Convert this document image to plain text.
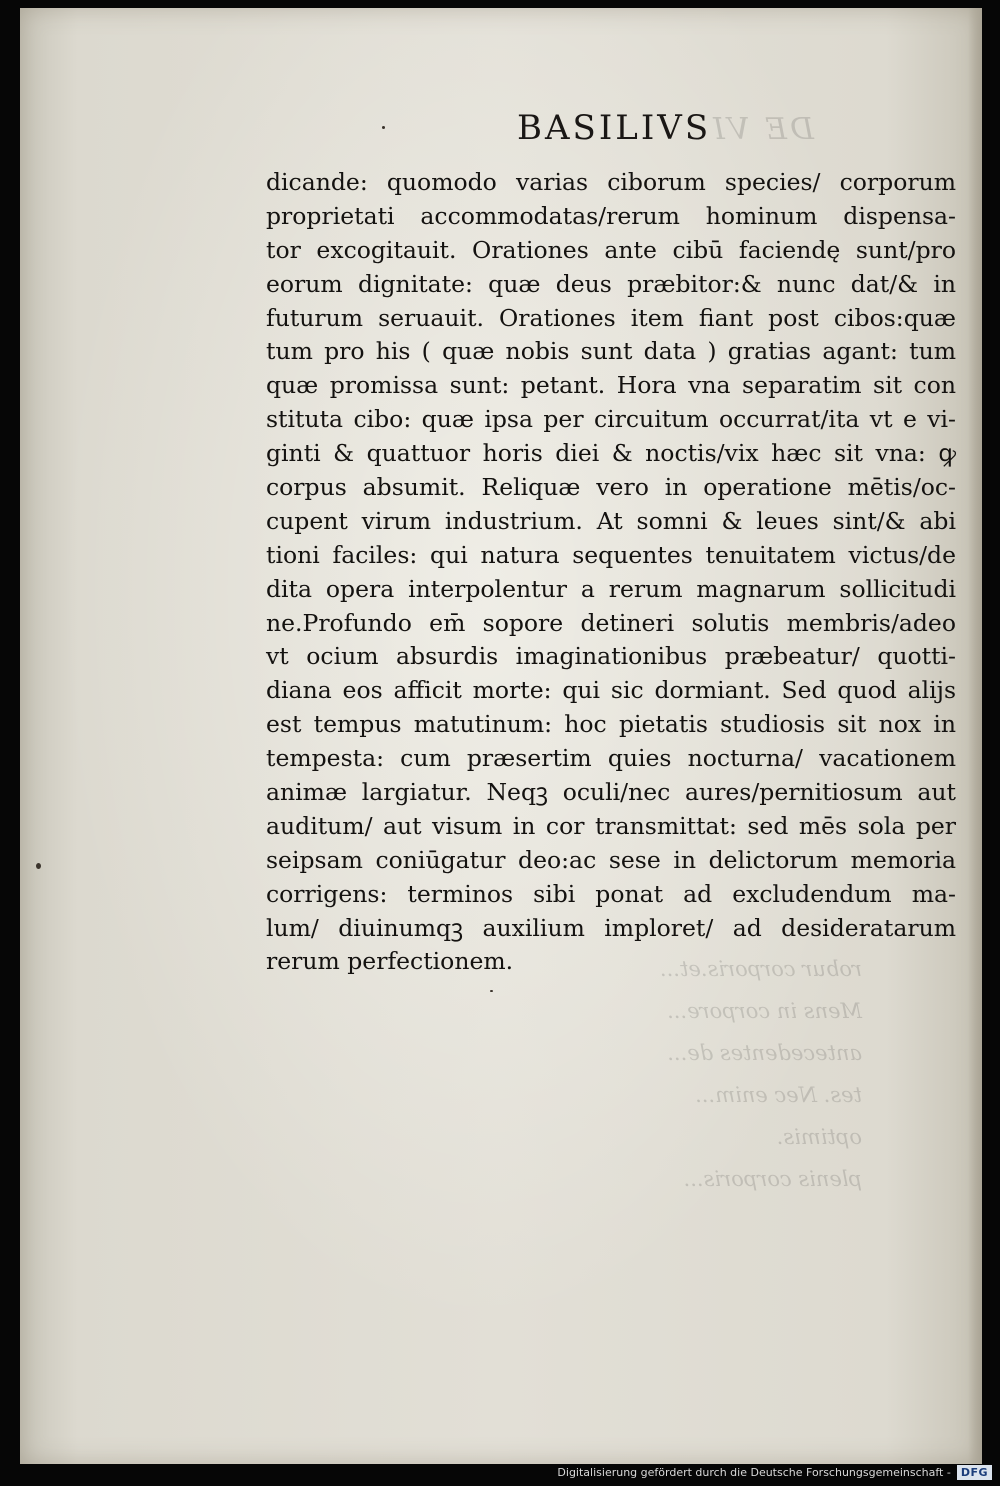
DE VI
robur corporis.et...
Mens in corpore...
antecedentes de...
tes. Nec enim...
optimis.
plenis corporis...
BASILIVS
dicande: quomodo varias ciborum species/ corporum
proprietati accommodatas/rerum hominum dispensa-
tor excogitauit. Orationes ante cibū faciendę sunt/pro
eorum dignitate: quæ deus præbitor:& nunc dat/& in
futurum seruauit. Orationes item fiant post cibos:quæ
tum pro his ( quæ nobis sunt data ) gratias agant: tum
quæ promissa sunt: petant. Hora vna separatim sit con
stituta cibo: quæ ipsa per circuitum occurrat/ita vt e vi-
ginti & quattuor horis diei & noctis/vix hæc sit vna: ꝙ
corpus absumit. Reliquæ vero in operatione mētis/oc-
cupent virum industrium. At somni & leues sint/& abi
tioni faciles: qui natura sequentes tenuitatem victus/de
dita opera interpolentur a rerum magnarum sollicitudi
ne.Profundo em̄ sopore detineri solutis membris/adeo
vt ocium absurdis imaginationibus præbeatur/ quotti-
diana eos afficit morte: qui sic dormiant. Sed quod alijs
est tempus matutinum: hoc pietatis studiosis sit nox in
tempesta: cum præsertim quies nocturna/ vacationem
animæ largiatur. Neqꝫ oculi/nec aures/pernitiosum aut
auditum/ aut visum in cor transmittat: sed mēs sola per
seipsam coniūgatur deo:ac sese in delictorum memoria
corrigens: terminos sibi ponat ad excludendum ma-
lum/ diuinumqꝫ auxilium imploret/ ad desideratarum
rerum perfectionem.
Digitalisierung gefördert durch die Deutsche Forschungsgemeinschaft - DFG
